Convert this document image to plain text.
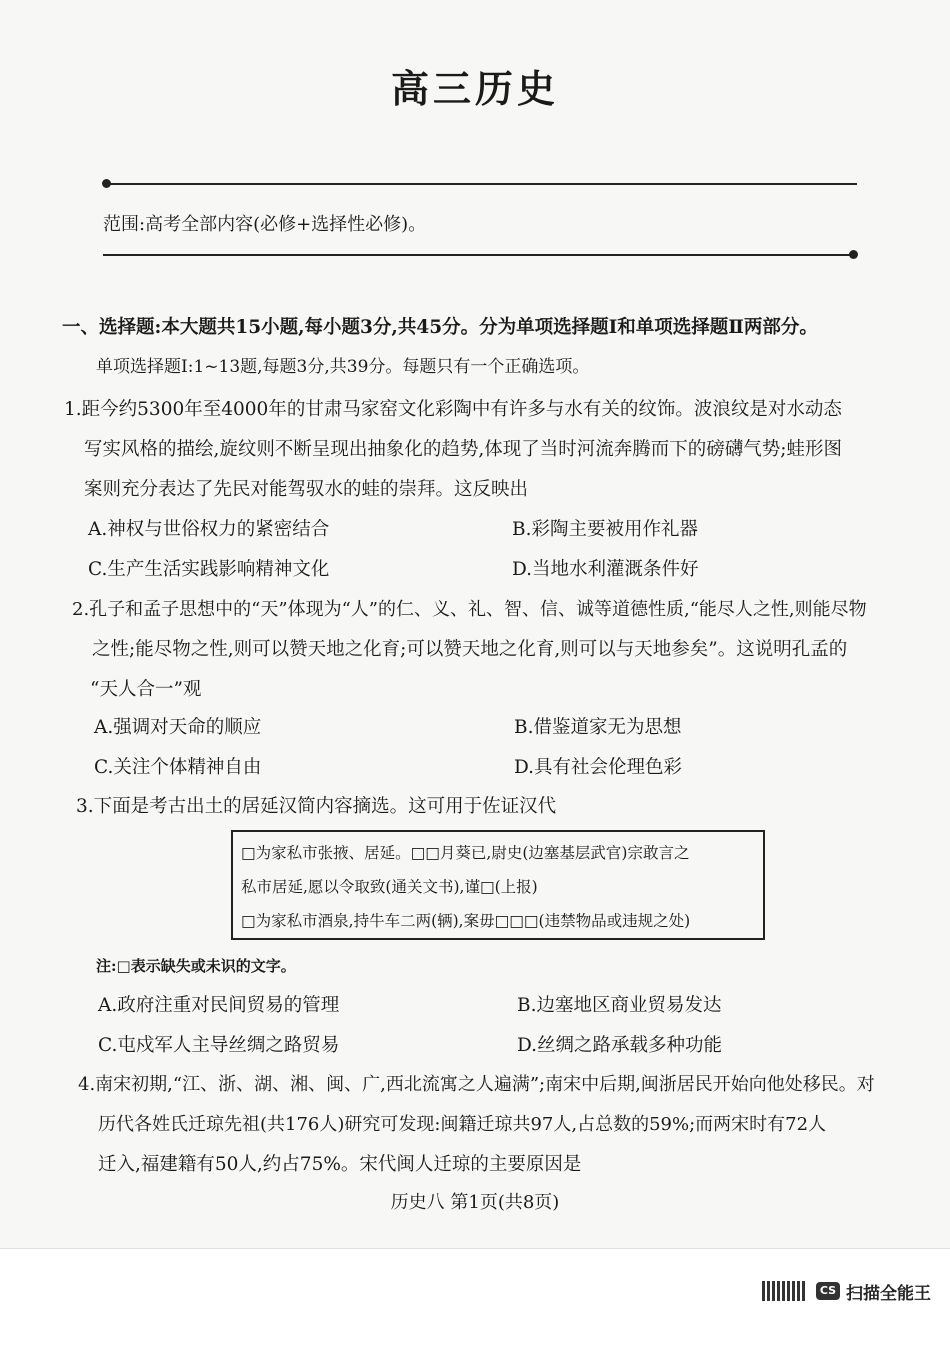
高三历史
范围:高考全部内容(必修+选择性必修)。
一、选择题:本大题共15小题,每小题3分,共45分。分为单项选择题Ⅰ和单项选择题Ⅱ两部分。
单项选择题Ⅰ:1~13题,每题3分,共39分。每题只有一个正确选项。
1.距今约5300年至4000年的甘肃马家窑文化彩陶中有许多与水有关的纹饰。波浪纹是对水动态
写实风格的描绘,旋纹则不断呈现出抽象化的趋势,体现了当时河流奔腾而下的磅礴气势;蛙形图
案则充分表达了先民对能驾驭水的蛙的崇拜。这反映出
A.神权与世俗权力的紧密结合	B.彩陶主要被用作礼器
C.生产生活实践影响精神文化	D.当地水利灌溉条件好
2.孔子和孟子思想中的“天”体现为“人”的仁、义、礼、智、信、诚等道德性质,“能尽人之性,则能尽物
之性;能尽物之性,则可以赞天地之化育;可以赞天地之化育,则可以与天地参矣”。这说明孔孟的
“天人合一”观
A.强调对天命的顺应	B.借鉴道家无为思想
C.关注个体精神自由	D.具有社会伦理色彩
3.下面是考古出土的居延汉简内容摘选。这可用于佐证汉代
□为家私市张掖、居延。□□月葵已,尉史(边塞基层武官)宗敢言之
私市居延,愿以令取致(通关文书),谨□(上报)
□为家私市酒泉,持牛车二两(辆),案毋□□□(违禁物品或违规之处)
注:□表示缺失或未识的文字。
A.政府注重对民间贸易的管理	B.边塞地区商业贸易发达
C.屯戍军人主导丝绸之路贸易	D.丝绸之路承载多种功能
4.南宋初期,“江、浙、湖、湘、闽、广,西北流寓之人遍满”;南宋中后期,闽浙居民开始向他处移民。对
历代各姓氏迁琼先祖(共176人)研究可发现:闽籍迁琼共97人,占总数的59%;而两宋时有72人
迁入,福建籍有50人,约占75%。宋代闽人迁琼的主要原因是
历史八 第1页(共8页)
CS 扫描全能王
